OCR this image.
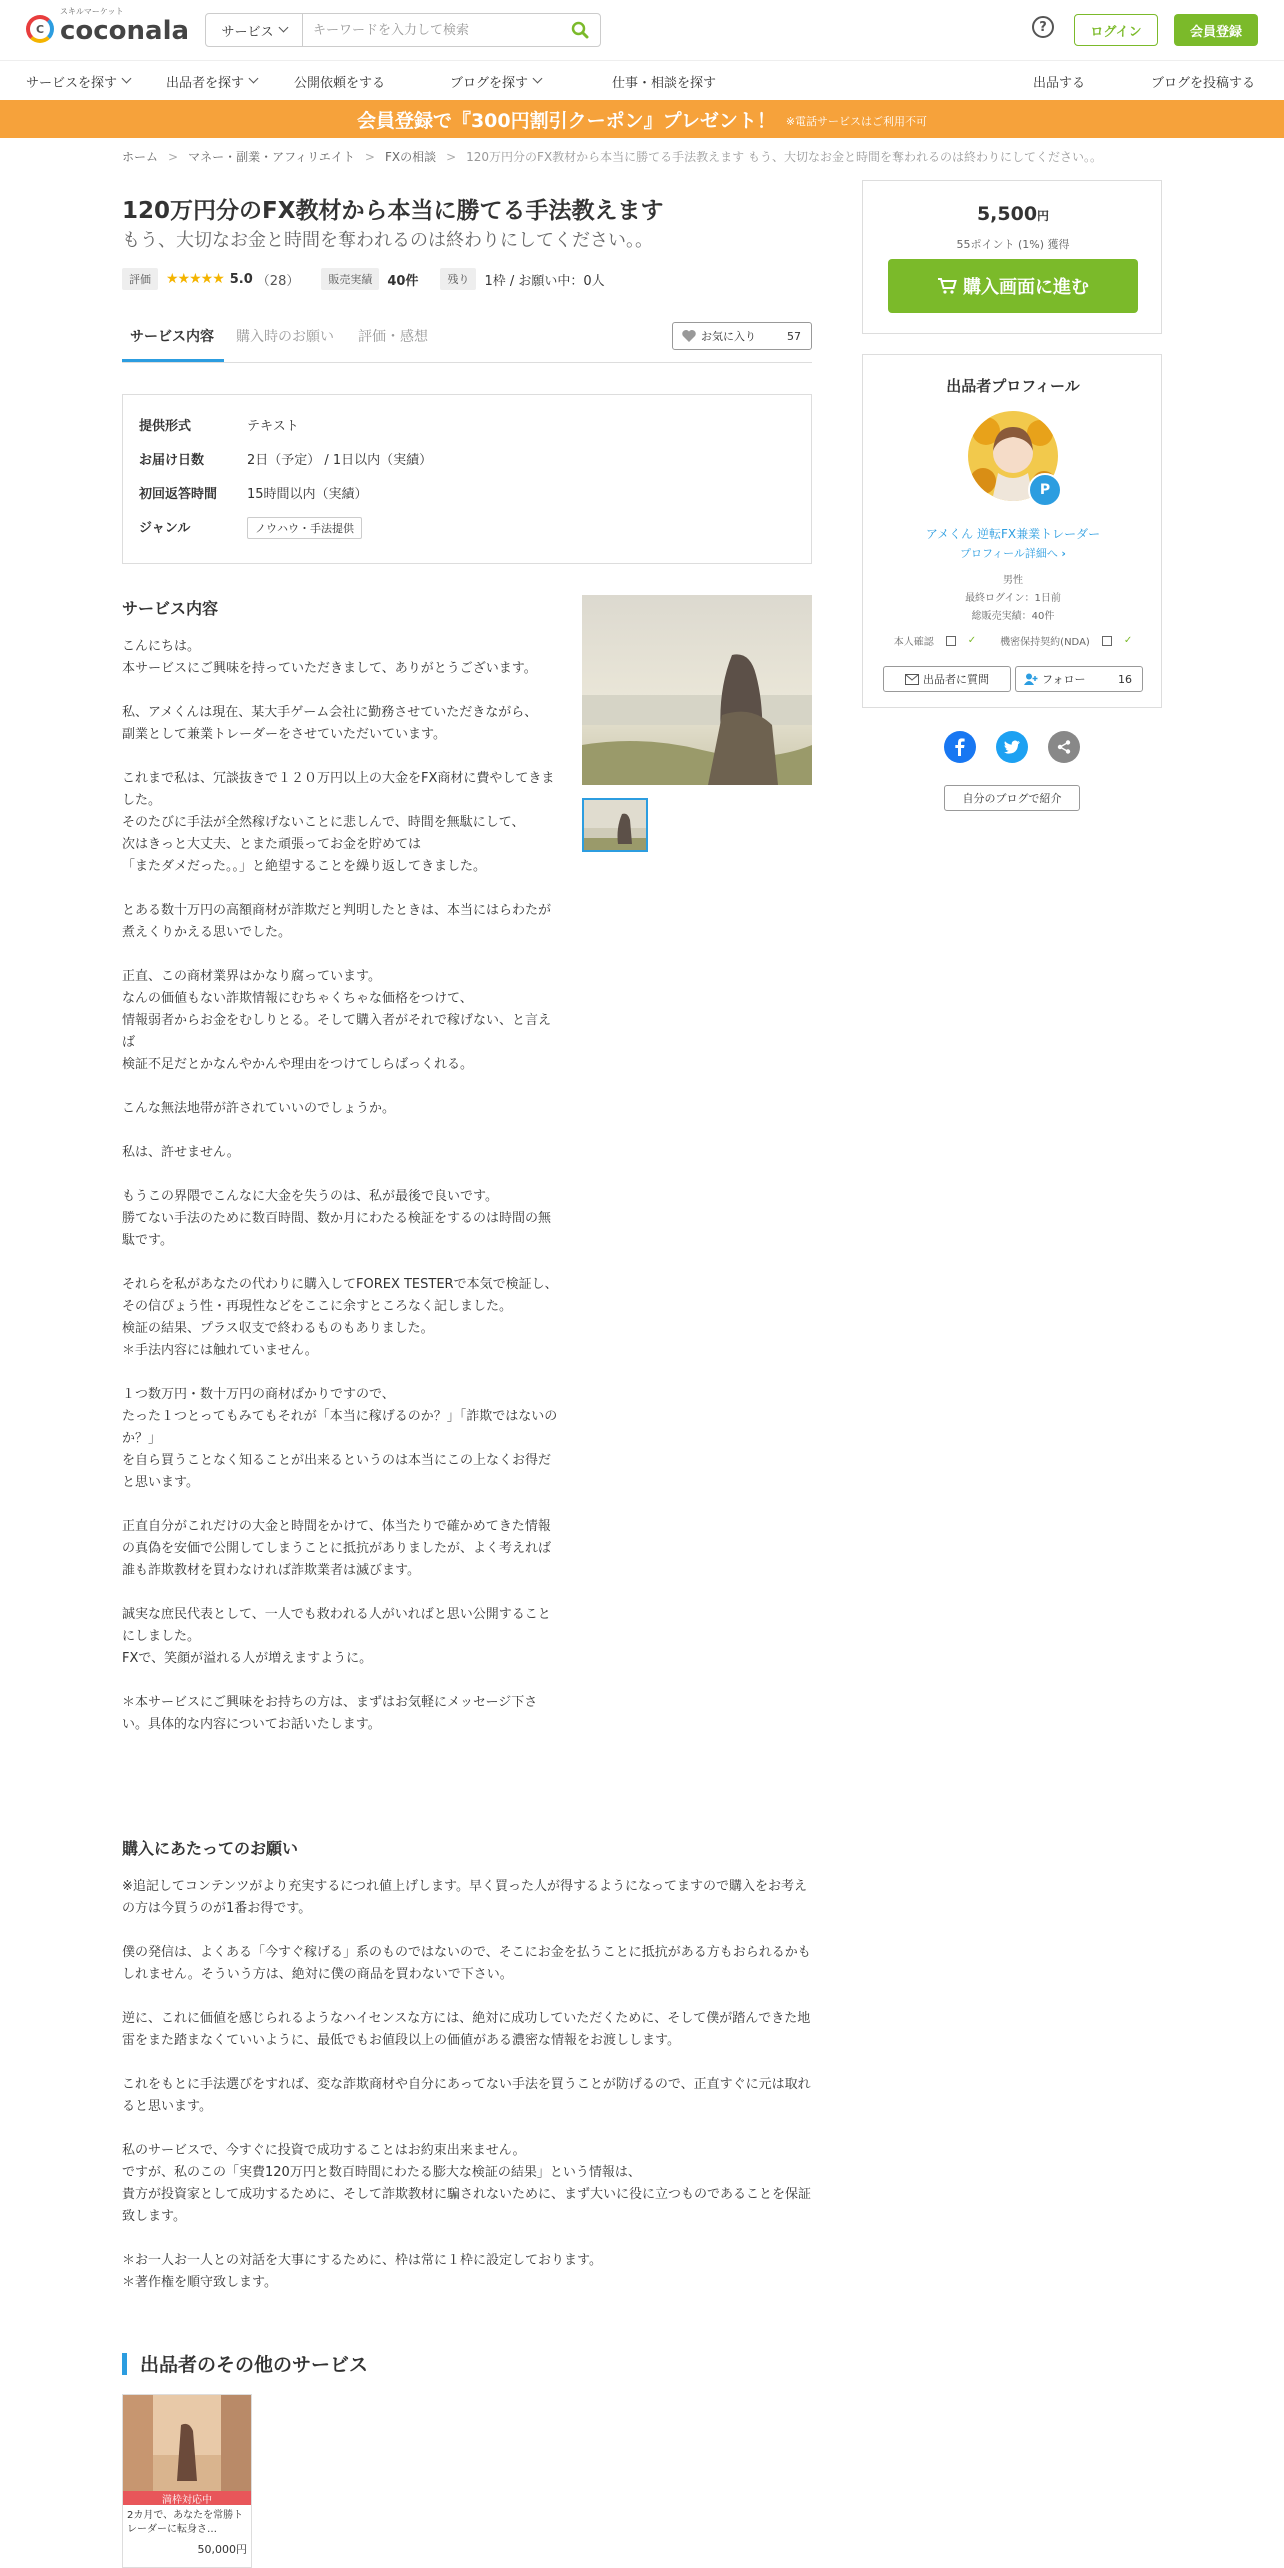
スキルマーケット
C coconala サービス
キーワードを入力して検索	?	ログイン	会員登録
サービスを探す	出品者を探す	公開依頼をする	ブログを探す	仕事・相談を探す	出品する	ブログを投稿する
会員登録で『300円割引クーポン』プレゼント！ ※電話サービスはご利用不可
ホーム > マネー・副業・アフィリエイト > FXの相談 > 120万円分のFX教材から本当に勝てる手法教えます もう、大切なお金と時間を奪われるのは終わりにしてください。。
120万円分のFX教材から本当に勝てる手法教えます
もう、大切なお金と時間を奪われるのは終わりにしてください。。
評価	★★★★★ 5.0 （28）	販売実績	40件	残り	1枠 / お願い中：0人
サービス内容 購入時のお願い 評価・感想	お気に入り	57
提供形式	テキスト
お届け日数	2日（予定） / 1日以内（実績）
初回返答時間	15時間以内（実績）
ジャンル	ノウハウ・手法提供
サービス内容
こんにちは。
本サービスにご興味を持っていただきまして、ありがとうございます。

私、アメくんは現在、某大手ゲーム会社に勤務させていただきながら、
副業として兼業トレーダーをさせていただいています。

これまで私は、冗談抜きで１２０万円以上の大金をFX商材に費やしてきました。
そのたびに手法が全然稼げないことに悲しんで、時間を無駄にして、
次はきっと大丈夫、とまた頑張ってお金を貯めては
「またダメだった。。」と絶望することを繰り返してきました。

とある数十万円の高額商材が詐欺だと判明したときは、本当にはらわたが煮えくりかえる思いでした。

正直、この商材業界はかなり腐っています。
なんの価値もない詐欺情報にむちゃくちゃな価格をつけて、
情報弱者からお金をむしりとる。そして購入者がそれで稼げない、と言えば
検証不足だとかなんやかんや理由をつけてしらばっくれる。

こんな無法地帯が許されていいのでしょうか。

私は、許せません。

もうこの界隈でこんなに大金を失うのは、私が最後で良いです。
勝てない手法のために数百時間、数か月にわたる検証をするのは時間の無駄です。

それらを私があなたの代わりに購入してFOREX TESTERで本気で検証し、
その信ぴょう性・再現性などをここに余すところなく記しました。
検証の結果、プラス収支で終わるものもありました。
＊手法内容には触れていません。

１つ数万円・数十万円の商材ばかりですので、
たった１つとってもみてもそれが「本当に稼げるのか？」「詐欺ではないのか？」
を自ら買うことなく知ることが出来るというのは本当にこの上なくお得だと思います。

正直自分がこれだけの大金と時間をかけて、体当たりで確かめてきた情報の真偽を安価で公開してしまうことに抵抗がありましたが、よく考えれば誰も詐欺教材を買わなければ詐欺業者は滅びます。

誠実な庶民代表として、一人でも救われる人がいればと思い公開することにしました。
FXで、笑顔が溢れる人が増えますように。

＊本サービスにご興味をお持ちの方は、まずはお気軽にメッセージ下さい。具体的な内容についてお話いたします。
購入にあたってのお願い
※追記してコンテンツがより充実するにつれ値上げします。早く買った人が得するようになってますので購入をお考えの方は今買うのが1番お得です。

僕の発信は、よくある「今すぐ稼げる」系のものではないので、そこにお金を払うことに抵抗がある方もおられるかもしれません。そういう方は、絶対に僕の商品を買わないで下さい。

逆に、これに価値を感じられるようなハイセンスな方には、絶対に成功していただくために、そして僕が踏んできた地雷をまた踏まなくていいように、最低でもお値段以上の価値がある濃密な情報をお渡しします。

これをもとに手法選びをすれば、変な詐欺商材や自分にあってない手法を買うことが防げるので、正直すぐに元は取れると思います。

私のサービスで、今すぐに投資で成功することはお約束出来ません。
ですが、私のこの「実費120万円と数百時間にわたる膨大な検証の結果」という情報は、
貴方が投資家として成功するために、そして詐欺教材に騙されないために、まず大いに役に立つものであることを保証致します。

＊お一人お一人との対話を大事にするために、枠は常に１枠に設定しております。
＊著作権を順守致します。
出品者のその他のサービス
満枠対応中
2カ月で、あなたを常勝トレーダーに転身さ…
50,000円
5,500円
55ポイント (1%) 獲得
購入画面に進む
出品者プロフィール
P
アメくん 逆転FX兼業トレーダー
プロフィール詳細へ ›
男性
最終ログイン：1日前
総販売実績：40件
本人確認	✓ 機密保持契約(NDA)	✓
出品者に質問	フォロー	16
自分のブログで紹介
